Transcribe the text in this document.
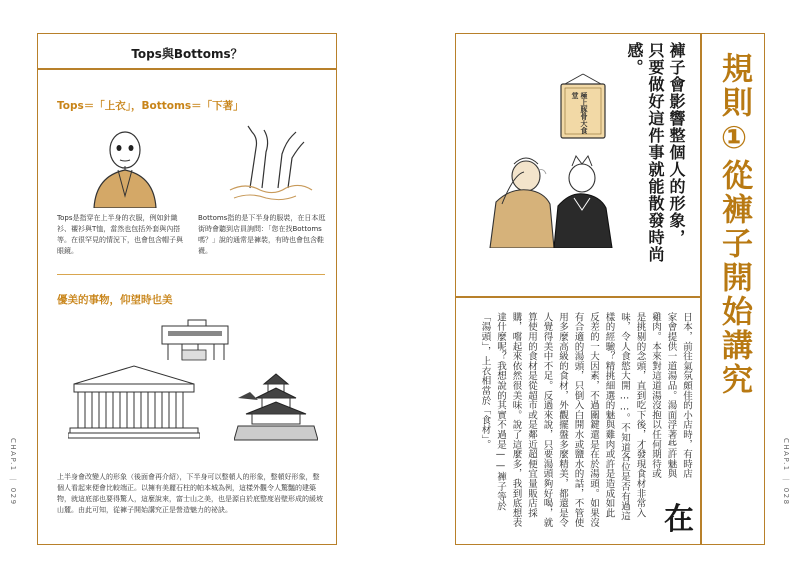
Tops與Bottoms？
Tops＝「上衣」，Bottoms＝「下著」
Tops是指穿在上半身的衣服，例如針織衫、襯衫與T恤，當然也包括外套與內搭等。在很罕見的情況下，也會包含帽子與眼鏡。
Bottoms指的是下半身的服裝，在日本逛街時會聽到店員詢問：「您在找Bottoms嗎？」說的通常是褲裝，有時也會包含鞋襪。
優美的事物，仰望時也美
上半身會改變人的形象（後面會再介紹），下半身可以整頓人的形象，整頓好形象，整個人看起來便會比較端正。以擁有美麗石柱的帕本城為例，這樣外觀令人驚豔的建築物，就這底部也要得驚人，這麼說來，富士山之美，也是源自於底整度岩壁形成的緩坡山麓。由此可知，從褲子開始講究正是營造魅力的祕訣。
CHAP.1 ｜ 029
規則①從褲子開始講究
褲子會影響整個人的形象，
只要做好這件事就能散發時尚感。
極上豚骨大食堂
在
日本，前往氣氛頗佳的小店時，有時店
家會提供一道湯品。湯面浮著些許魅與
雞肉。本來對這道湯沒抱以任何期待或
是挑剔的念頭，直到吃下後，才發現食材非常入
味，令人食慾大開……。不知道各位是否有過這
樣的經驗？精挑細選的魅與雞肉或許是造成如此
反差的一大因素，不過關鍵還是在於湯頭。如果沒
有合適的湯頭，只倒入白開水或鹽水的話，不管使
用多麼高級的食材，外觀擺盤多麼精美，都還是令
人覺得美中不足。反過來說，只要湯頭夠好喝，就
算使用的食材是從超市或是鄰近超便宜量販店採
購，嚐起來依然很美味。說了這麼多，我到底想表
達什麼呢？我想說的其實不過是——褲子等於
「湯頭」，上衣相當於「食材」。
CHAP.1 ｜ 028
